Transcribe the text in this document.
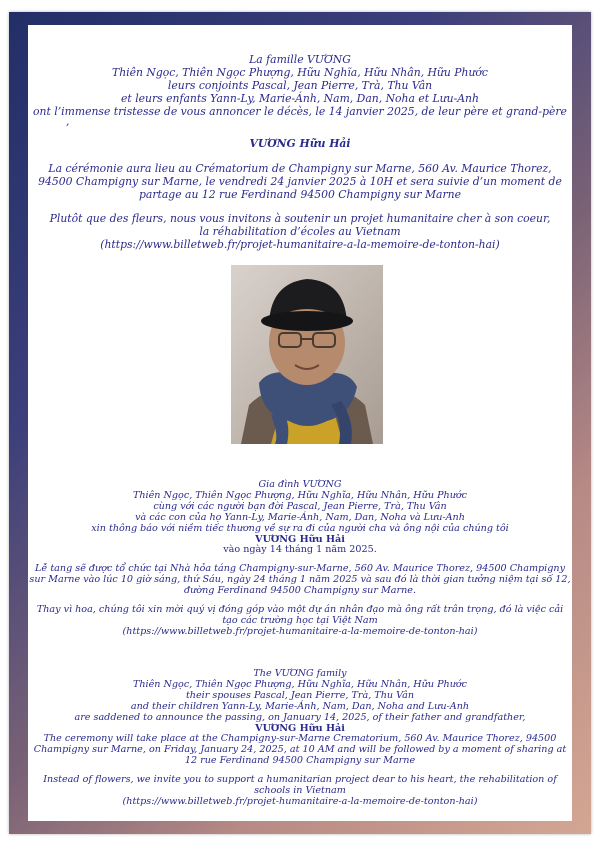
La famille VƯƠNG

Thiên Ngọc, Thiên Ngọc Phượng, Hữu Nghĩa, Hữu Nhân, Hữu Phước

leurs conjoints Pascal, Jean Pierre, Trà, Thu Vân

et leurs enfants Yann-Ly, Marie-Ánh, Nam, Dan, Noha et Lưu-Anh

ont l’immense tristesse de vous annoncer le décès, le 14 janvier 2025, de leur père et grand-père

,

VƯƠNG Hữu Hải

La cérémonie aura lieu au Crématorium de Champigny sur Marne, 560 Av. Maurice Thorez,

94500 Champigny sur Marne, le vendredi 24 janvier 2025 à 10H et sera suivie d’un moment de

partage au 12 rue Ferdinand 94500 Champigny sur Marne

Plutôt que des fleurs, nous vous invitons à soutenir un projet humanitaire cher à son coeur,

la réhabilitation d’écoles au Vietnam

(https://www.billetweb.fr/projet-humanitaire-a-la-memoire-de-tonton-hai)

Gia đình VƯƠNG

Thiên Ngọc, Thiên Ngọc Phượng, Hữu Nghĩa, Hữu Nhân, Hữu Phước

cùng với các người bạn đời Pascal, Jean Pierre, Trà, Thu Vân

và các con của họ Yann-Ly, Marie-Ánh, Nam, Dan, Noha và Lưu-Anh

xin thông báo với niềm tiếc thương về sự ra đi của người cha và ông nội của chúng tôi

VƯƠNG Hữu Hải

vào ngày 14 tháng 1 năm 2025.

Lễ tang sẽ được tổ chức tại Nhà hỏa táng Champigny-sur-Marne, 560 Av. Maurice Thorez, 94500 Champigny

sur Marne vào lúc 10 giờ sáng, thứ Sáu, ngày 24 tháng 1 năm 2025 và sau đó là thời gian tưởng niệm tại số 12,

đường Ferdinand 94500 Champigny sur Marne.

Thay vì hoa, chúng tôi xin mời quý vị đóng góp vào một dự án nhân đạo mà ông rất trân trọng, đó là việc cải

tạo các trường học tại Việt Nam

(https://www.billetweb.fr/projet-humanitaire-a-la-memoire-de-tonton-hai)

The VƯƠNG family

Thiên Ngọc, Thiên Ngọc Phượng, Hữu Nghĩa, Hữu Nhân, Hữu Phước

their spouses Pascal, Jean Pierre, Trà, Thu Vân

and their children Yann-Ly, Marie-Ánh, Nam, Dan, Noha and Lưu-Anh

are saddened to announce the passing, on January 14, 2025, of their father and grandfather,

VƯƠNG Hữu Hải

The ceremony will take place at the Champigny-sur-Marne Crematorium, 560 Av. Maurice Thorez, 94500

Champigny sur Marne, on Friday, January 24, 2025, at 10 AM and will be followed by a moment of sharing at

12 rue Ferdinand 94500 Champigny sur Marne

Instead of flowers, we invite you to support a humanitarian project dear to his heart, the rehabilitation of

schools in Vietnam

(https://www.billetweb.fr/projet-humanitaire-a-la-memoire-de-tonton-hai)
